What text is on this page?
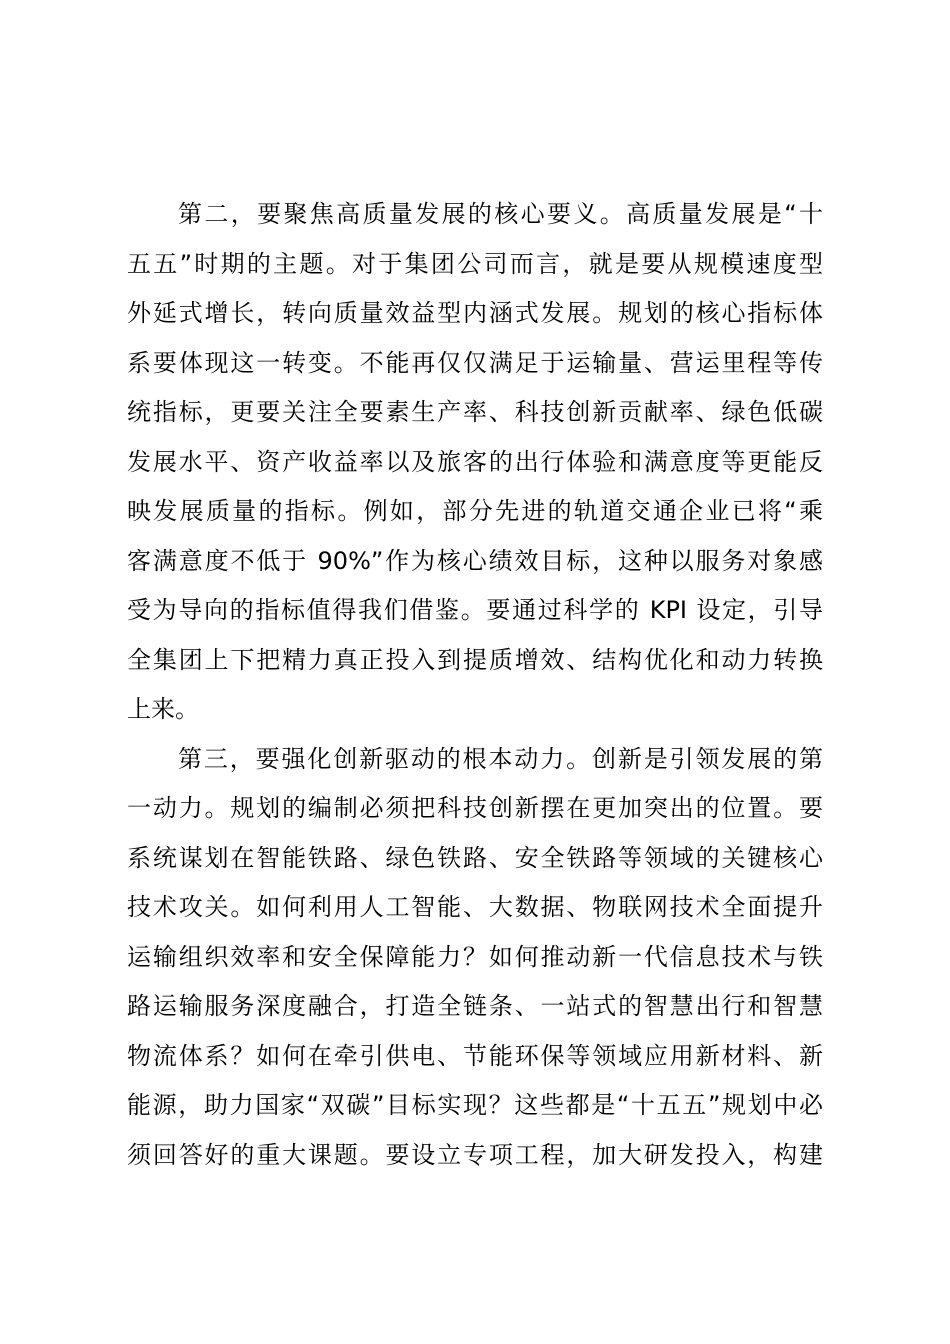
第二，要聚焦高质量发展的核心要义。高质量发展是“十
五五”时期的主题。对于集团公司而言，就是要从规模速度型
外延式增长，转向质量效益型内涵式发展。规划的核心指标体
系要体现这一转变。不能再仅仅满足于运输量、营运里程等传
统指标，更要关注全要素生产率、科技创新贡献率、绿色低碳
发展水平、资产收益率以及旅客的出行体验和满意度等更能反
映发展质量的指标。例如，部分先进的轨道交通企业已将“乘
客满意度不低于 90%”作为核心绩效目标，这种以服务对象感
受为导向的指标值得我们借鉴。要通过科学的 KPI 设定，引导
全集团上下把精力真正投入到提质增效、结构优化和动力转换
上来。
第三，要强化创新驱动的根本动力。创新是引领发展的第
一动力。规划的编制必须把科技创新摆在更加突出的位置。要
系统谋划在智能铁路、绿色铁路、安全铁路等领域的关键核心
技术攻关。如何利用人工智能、大数据、物联网技术全面提升
运输组织效率和安全保障能力？如何推动新一代信息技术与铁
路运输服务深度融合，打造全链条、一站式的智慧出行和智慧
物流体系？如何在牵引供电、节能环保等领域应用新材料、新
能源，助力国家“双碳”目标实现？这些都是“十五五”规划中必
须回答好的重大课题。要设立专项工程，加大研发投入，构建
